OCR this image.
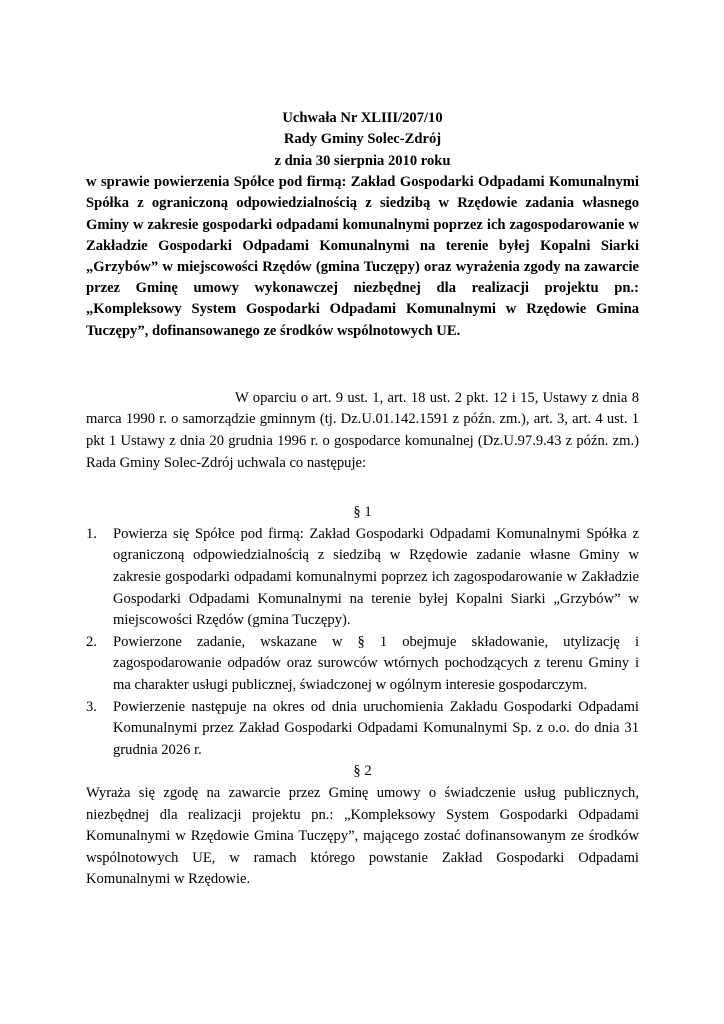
Uchwała Nr XLIII/207/10

Rady Gminy Solec-Zdrój

z dnia 30 sierpnia 2010 roku

w sprawie powierzenia Spółce pod firmą: Zakład Gospodarki Odpadami Komunalnymi Spółka z ograniczoną odpowiedzialnością z siedzibą w Rzędowie zadania własnego Gminy w zakresie gospodarki odpadami komunalnymi poprzez ich zagospodarowanie w Zakładzie Gospodarki Odpadami Komunalnymi na terenie byłej Kopalni Siarki „Grzybów” w miejscowości Rzędów (gmina Tuczępy) oraz wyrażenia zgody na zawarcie przez Gminę umowy wykonawczej niezbędnej dla realizacji projektu pn.: „Kompleksowy System Gospodarki Odpadami Komunalnymi w Rzędowie Gmina Tuczępy”, dofinansowanego ze środków wspólnotowych UE.

W oparciu o art. 9 ust. 1, art. 18 ust. 2 pkt. 12 i 15, Ustawy z dnia 8 marca 1990 r. o samorządzie gminnym (tj. Dz.U.01.142.1591 z późn. zm.), art. 3, art. 4 ust. 1 pkt 1 Ustawy z dnia 20 grudnia 1996 r. o gospodarce komunalnej (Dz.U.97.9.43 z późn. zm.) Rada Gminy Solec-Zdrój uchwala co następuje:

§ 1

1. Powierza się Spółce pod firmą: Zakład Gospodarki Odpadami Komunalnymi Spółka z ograniczoną odpowiedzialnością z siedzibą w Rzędowie zadanie własne Gminy w zakresie gospodarki odpadami komunalnymi poprzez ich zagospodarowanie w Zakładzie Gospodarki Odpadami Komunalnymi na terenie byłej Kopalni Siarki „Grzybów” w miejscowości Rzędów (gmina Tuczępy).
2. Powierzone zadanie, wskazane w § 1 obejmuje składowanie, utylizację i zagospodarowanie odpadów oraz surowców wtórnych pochodzących z terenu Gminy i ma charakter usługi publicznej, świadczonej w ogólnym interesie gospodarczym.
3. Powierzenie następuje na okres od dnia uruchomienia Zakładu Gospodarki Odpadami Komunalnymi przez Zakład Gospodarki Odpadami Komunalnymi Sp. z o.o. do dnia 31 grudnia 2026 r.

§ 2

Wyraża się zgodę na zawarcie przez Gminę umowy o świadczenie usług publicznych, niezbędnej dla realizacji projektu pn.: „Kompleksowy System Gospodarki Odpadami Komunalnymi w Rzędowie Gmina Tuczępy”, mającego zostać dofinansowanym ze środków wspólnotowych UE, w ramach którego powstanie Zakład Gospodarki Odpadami Komunalnymi w Rzędowie.
